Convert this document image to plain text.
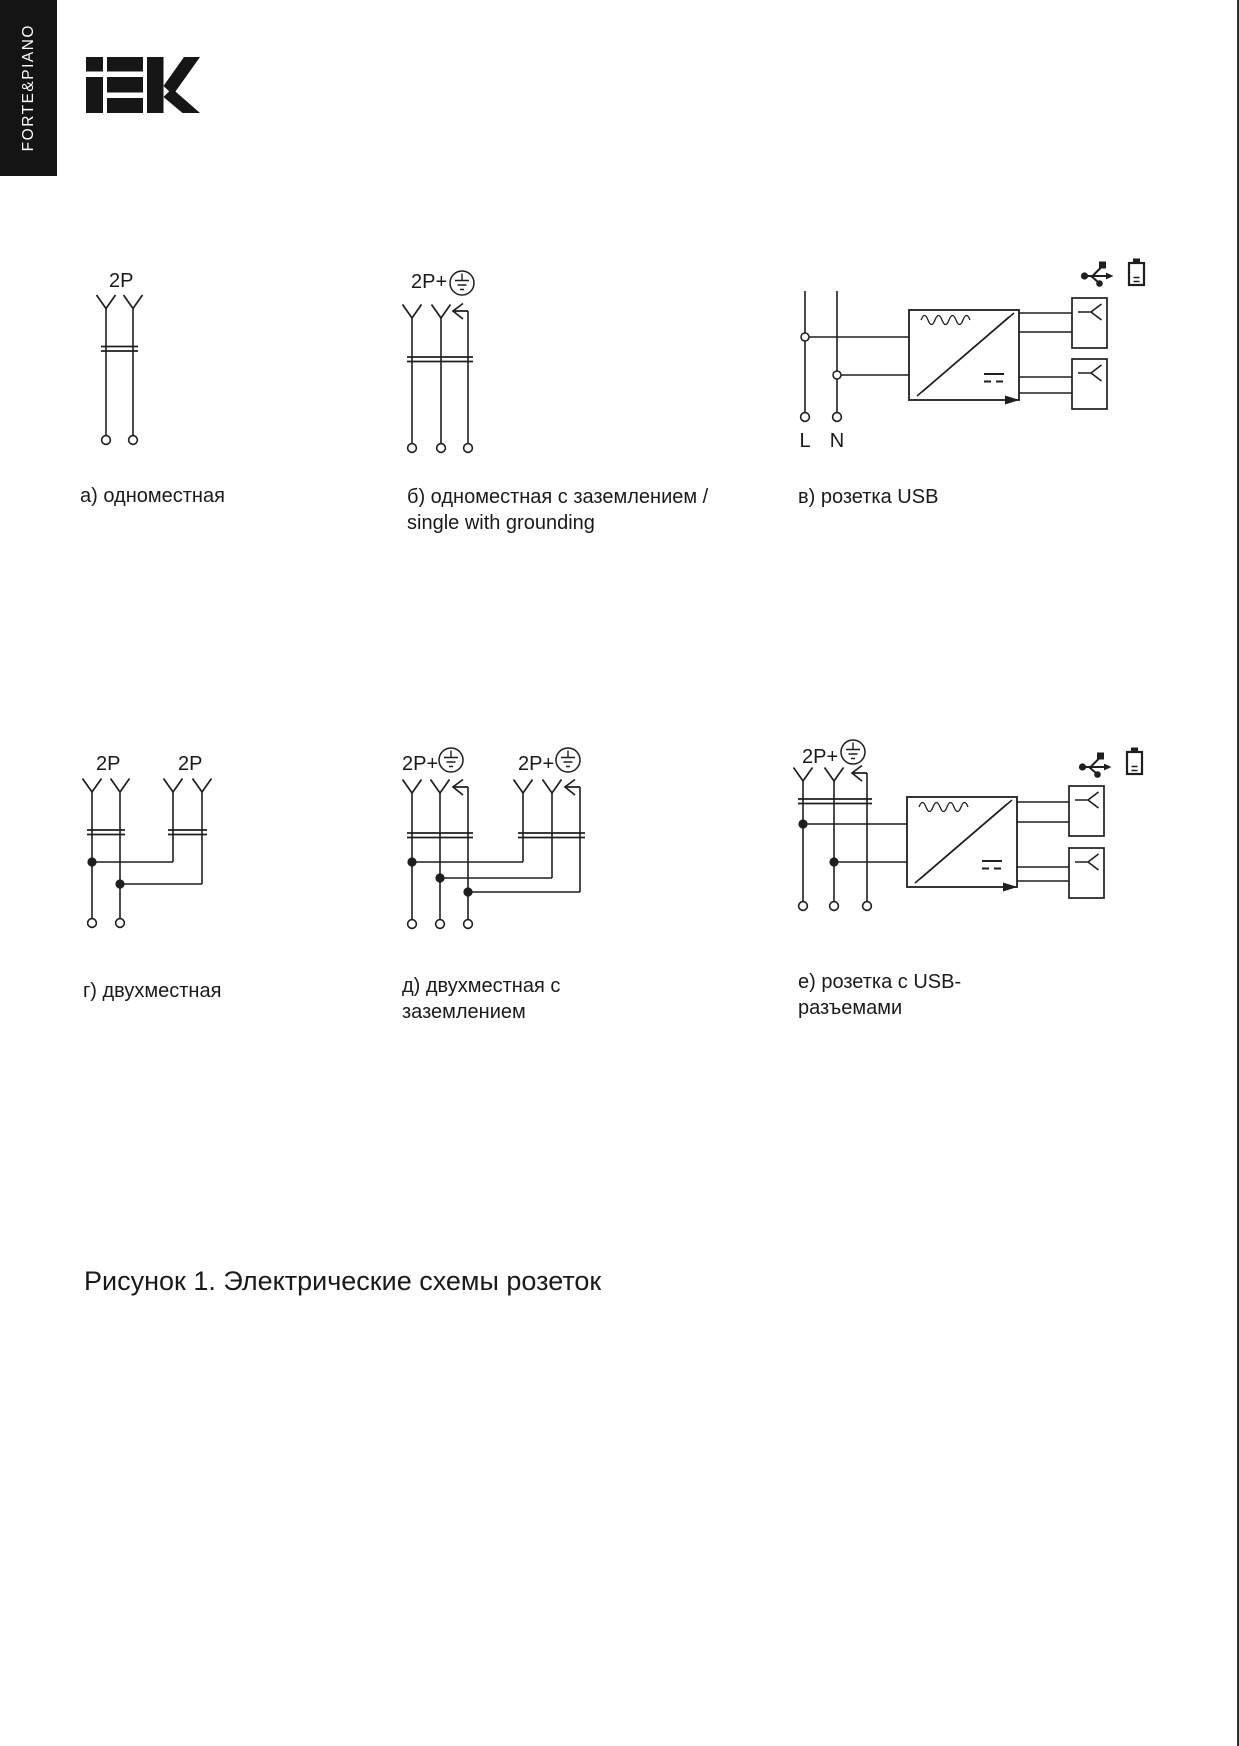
FORTE&PIANO
2P	2P+
L N
2P	2P	2P+	2P+	2P+
а) одноместная	б) одноместная с заземлением /
single with grounding
в) розетка USB
г) двухместная	д) двухместная с
заземлением
е) розетка с USB-
разъемами
Рисунок 1. Электрические схемы розеток
